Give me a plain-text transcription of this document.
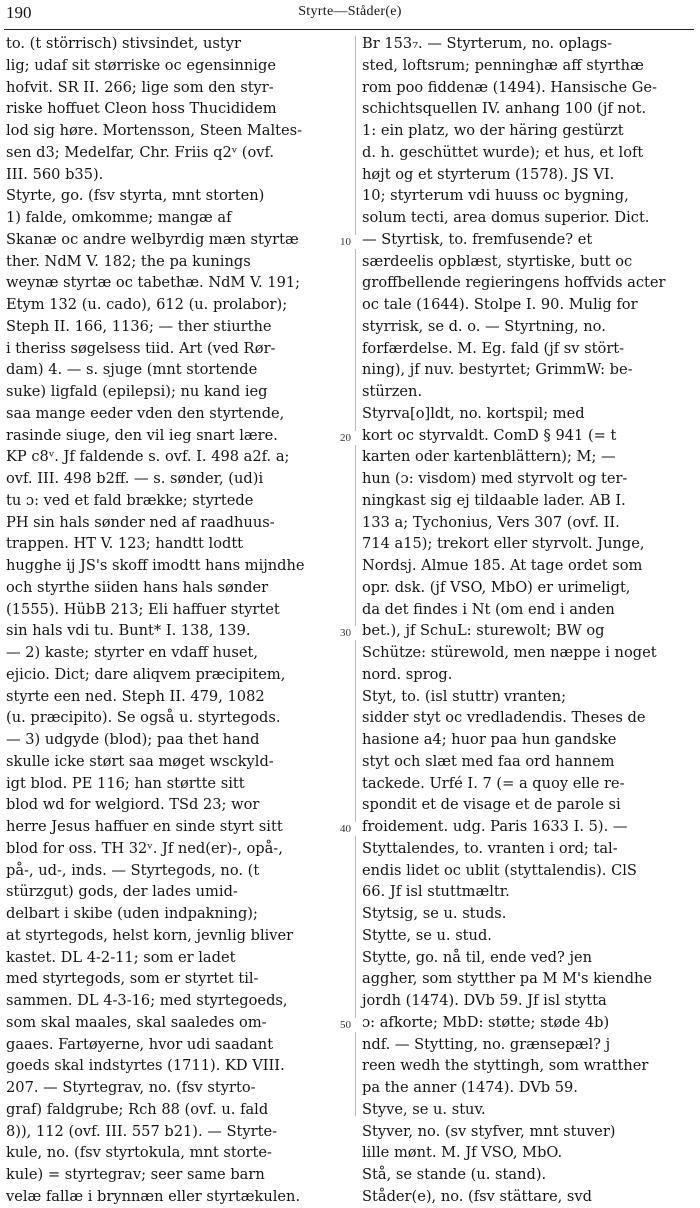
190	Styrte—Ståder(e)
to. (t störrisch) stivsindet, ustyr
lig; udaf sit størriske oc egensinnige
hofvit. SR II. 266; lige som den styr-
riske hoffuet Cleon hoss Thucididem
lod sig høre. Mortensson, Steen Maltes-
sen d3; Medelfar, Chr. Friis q2ᵛ (ovf.
III. 560 b35).
Styrte, go. (fsv styrta, mnt storten)
1) falde, omkomme; mangæ af
Skanæ oc andre welbyrdig mæn styrtæ
ther. NdM V. 182; the pa kunings
weynæ styrtæ oc tabethæ. NdM V. 191;
Etym 132 (u. cado), 612 (u. prolabor);
Steph II. 166, 1136; — ther stiurthe
i theriss søgelsess tiid. Art (ved Rør-
dam) 4. — s. sjuge (mnt stortende
suke) ligfald (epilepsi); nu kand ieg
saa mange eeder vden den styrtende,
rasinde siuge, den vil ieg snart lære.
KP c8ᵛ. Jf faldende s. ovf. I. 498 a2f. a;
ovf. III. 498 b2ff. — s. sønder, (ud)i
tu ɔ: ved et fald brække; styrtede
PH sin hals sønder ned af raadhuus-
trappen. HT V. 123; handtt lodtt
hugghe ij JS's skoff imodtt hans mijndhe
och styrthe siiden hans hals sønder
(1555). HübB 213; Eli haffuer styrtet
sin hals vdi tu. Bunt* I. 138, 139.
— 2) kaste; styrter en vdaff huset,
ejicio. Dict; dare aliqvem præcipitem,
styrte een ned. Steph II. 479, 1082
(u. præcipito). Se også u. styrtegods.
— 3) udgyde (blod); paa thet hand
skulle icke størt saa møget wsckyld-
igt blod. PE 116; han størtte sitt
blod wd for welgiord. TSd 23; wor
herre Jesus haffuer en sinde styrt sitt
blod for oss. TH 32ᵛ. Jf ned(er)-, opå-,
på-, ud-, inds. — Styrtegods, no. (t
stürzgut) gods, der lades umid-
delbart i skibe (uden indpakning);
at styrtegods, helst korn, jevnlig bliver
kastet. DL 4-2-11; som er ladet
med styrtegods, som er styrtet til-
sammen. DL 4-3-16; med styrtegoeds,
som skal maales, skal saaledes om-
gaaes. Fartøyerne, hvor udi saadant
goeds skal indstyrtes (1711). KD VIII.
207. — Styrtegrav, no. (fsv styrto-
graf) faldgrube; Rch 88 (ovf. u. fald
8)), 112 (ovf. III. 557 b21). — Styrte-
kule, no. (fsv styrtokula, mnt storte-
kule) = styrtegrav; seer same barn
velæ fallæ i brynnæn eller styrtækulen.
Br 153₇. — Styrterum, no. oplags-
sted, loftsrum; penninghæ aff styrthæ
rom poo fiddenæ (1494). Hansische Ge-
schichtsquellen IV. anhang 100 (jf not.
1: ein platz, wo der häring gestürzt
d. h. geschüttet wurde); et hus, et loft
højt og et styrterum (1578). JS VI.
10; styrterum vdi huuss oc bygning,
solum tecti, area domus superior. Dict.
— Styrtisk, to. fremfusende? et
særdeelis opblæst, styrtiske, butt oc
groffbellende regieringens hoffvids acter
oc tale (1644). Stolpe I. 90. Mulig for
styrrisk, se d. o. — Styrtning, no.
forfærdelse. M. Eg. fald (jf sv stört-
ning), jf nuv. bestyrtet; GrimmW: be-
stürzen.
Styrva[o]ldt, no. kortspil; med
kort oc styrvaldt. ComD § 941 (= t
karten oder kartenblättern); M; —
hun (ɔ: visdom) med styrvolt og ter-
ningkast sig ej tildaable lader. AB I.
133 a; Tychonius, Vers 307 (ovf. II.
714 a15); trekort eller styrvolt. Junge,
Nordsj. Almue 185. At tage ordet som
opr. dsk. (jf VSO, MbO) er urimeligt,
da det findes i Nt (om end i anden
bet.), jf SchuL: sturewolt; BW og
Schütze: stürewold, men næppe i noget
nord. sprog.
Styt, to. (isl stuttr) vranten;
sidder styt oc vredladendis. Theses de
hasione a4; huor paa hun gandske
styt och slæt med faa ord hannem
tackede. Urfé I. 7 (= a quoy elle re-
spondit et de visage et de parole si
froidement. udg. Paris 1633 I. 5). —
Styttalendes, to. vranten i ord; tal-
endis lidet oc ublit (styttalendis). ClS
66. Jf isl stuttmæltr.
Stytsig, se u. studs.
Stytte, se u. stud.
Stytte, go. nå til, ende ved? jen
aggher, som stytther pa M M's kiendhe
jordh (1474). DVb 59. Jf isl stytta
ɔ: afkorte; MbD: støtte; støde 4b)
ndf. — Stytting, no. grænsepæl? j
reen wedh the styttingh, som wratther
pa the anner (1474). DVb 59.
Styve, se u. stuv.
Styver, no. (sv styfver, mnt stuver)
lille mønt. M. Jf VSO, MbO.
Stå, se stande (u. stand).
Ståder(e), no. (fsv stättare, svd
10
20
30
40
50
